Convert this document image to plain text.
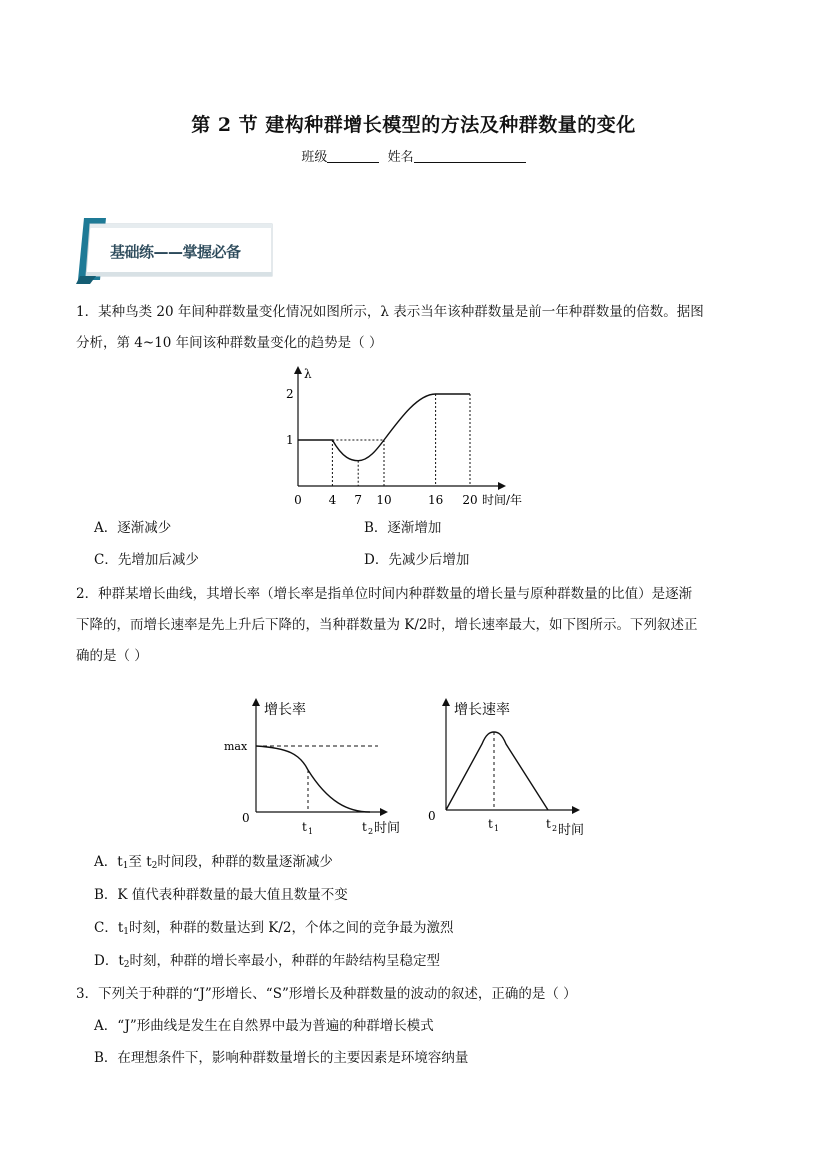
第 2 节 建构种群增长模型的方法及种群数量的变化
班级	姓名
基础练——掌握必备
1．某种鸟类 20 年间种群数量变化情况如图所示，λ 表示当年该种群数量是前一年种群数量的倍数。据图
分析，第 4~10 年间该种群数量变化的趋势是（ ）
λ
时间/年
1
2
0 4 7 10	16 20
A．逐渐减少	B．逐渐增加
C．先增加后减少	D．先减少后增加
2．种群某增长曲线，其增长率（增长率是指单位时间内种群数量的增长量与原种群数量的比值）是逐渐
下降的，而增长速率是先上升后下降的，当种群数量为 K/2时，增长速率最大，如下图所示。下列叙述正
确的是（ ）
增长率
max
0
t 1	t 2 时间
增长速率
0
t 1	t 2 时间
A．$t_1$至 $t_2$时间段，种群的数量逐渐减少
B．K 值代表种群数量的最大值且数量不变
C．$t_1$时刻，种群的数量达到 K/2，个体之间的竞争最为激烈
D．$t_2$时刻，种群的增长率最小，种群的年龄结构呈稳定型
3．下列关于种群的“J”形增长、“S”形增长及种群数量的波动的叙述，正确的是（ ）
A．“J”形曲线是发生在自然界中最为普遍的种群增长模式
B．在理想条件下，影响种群数量增长的主要因素是环境容纳量
